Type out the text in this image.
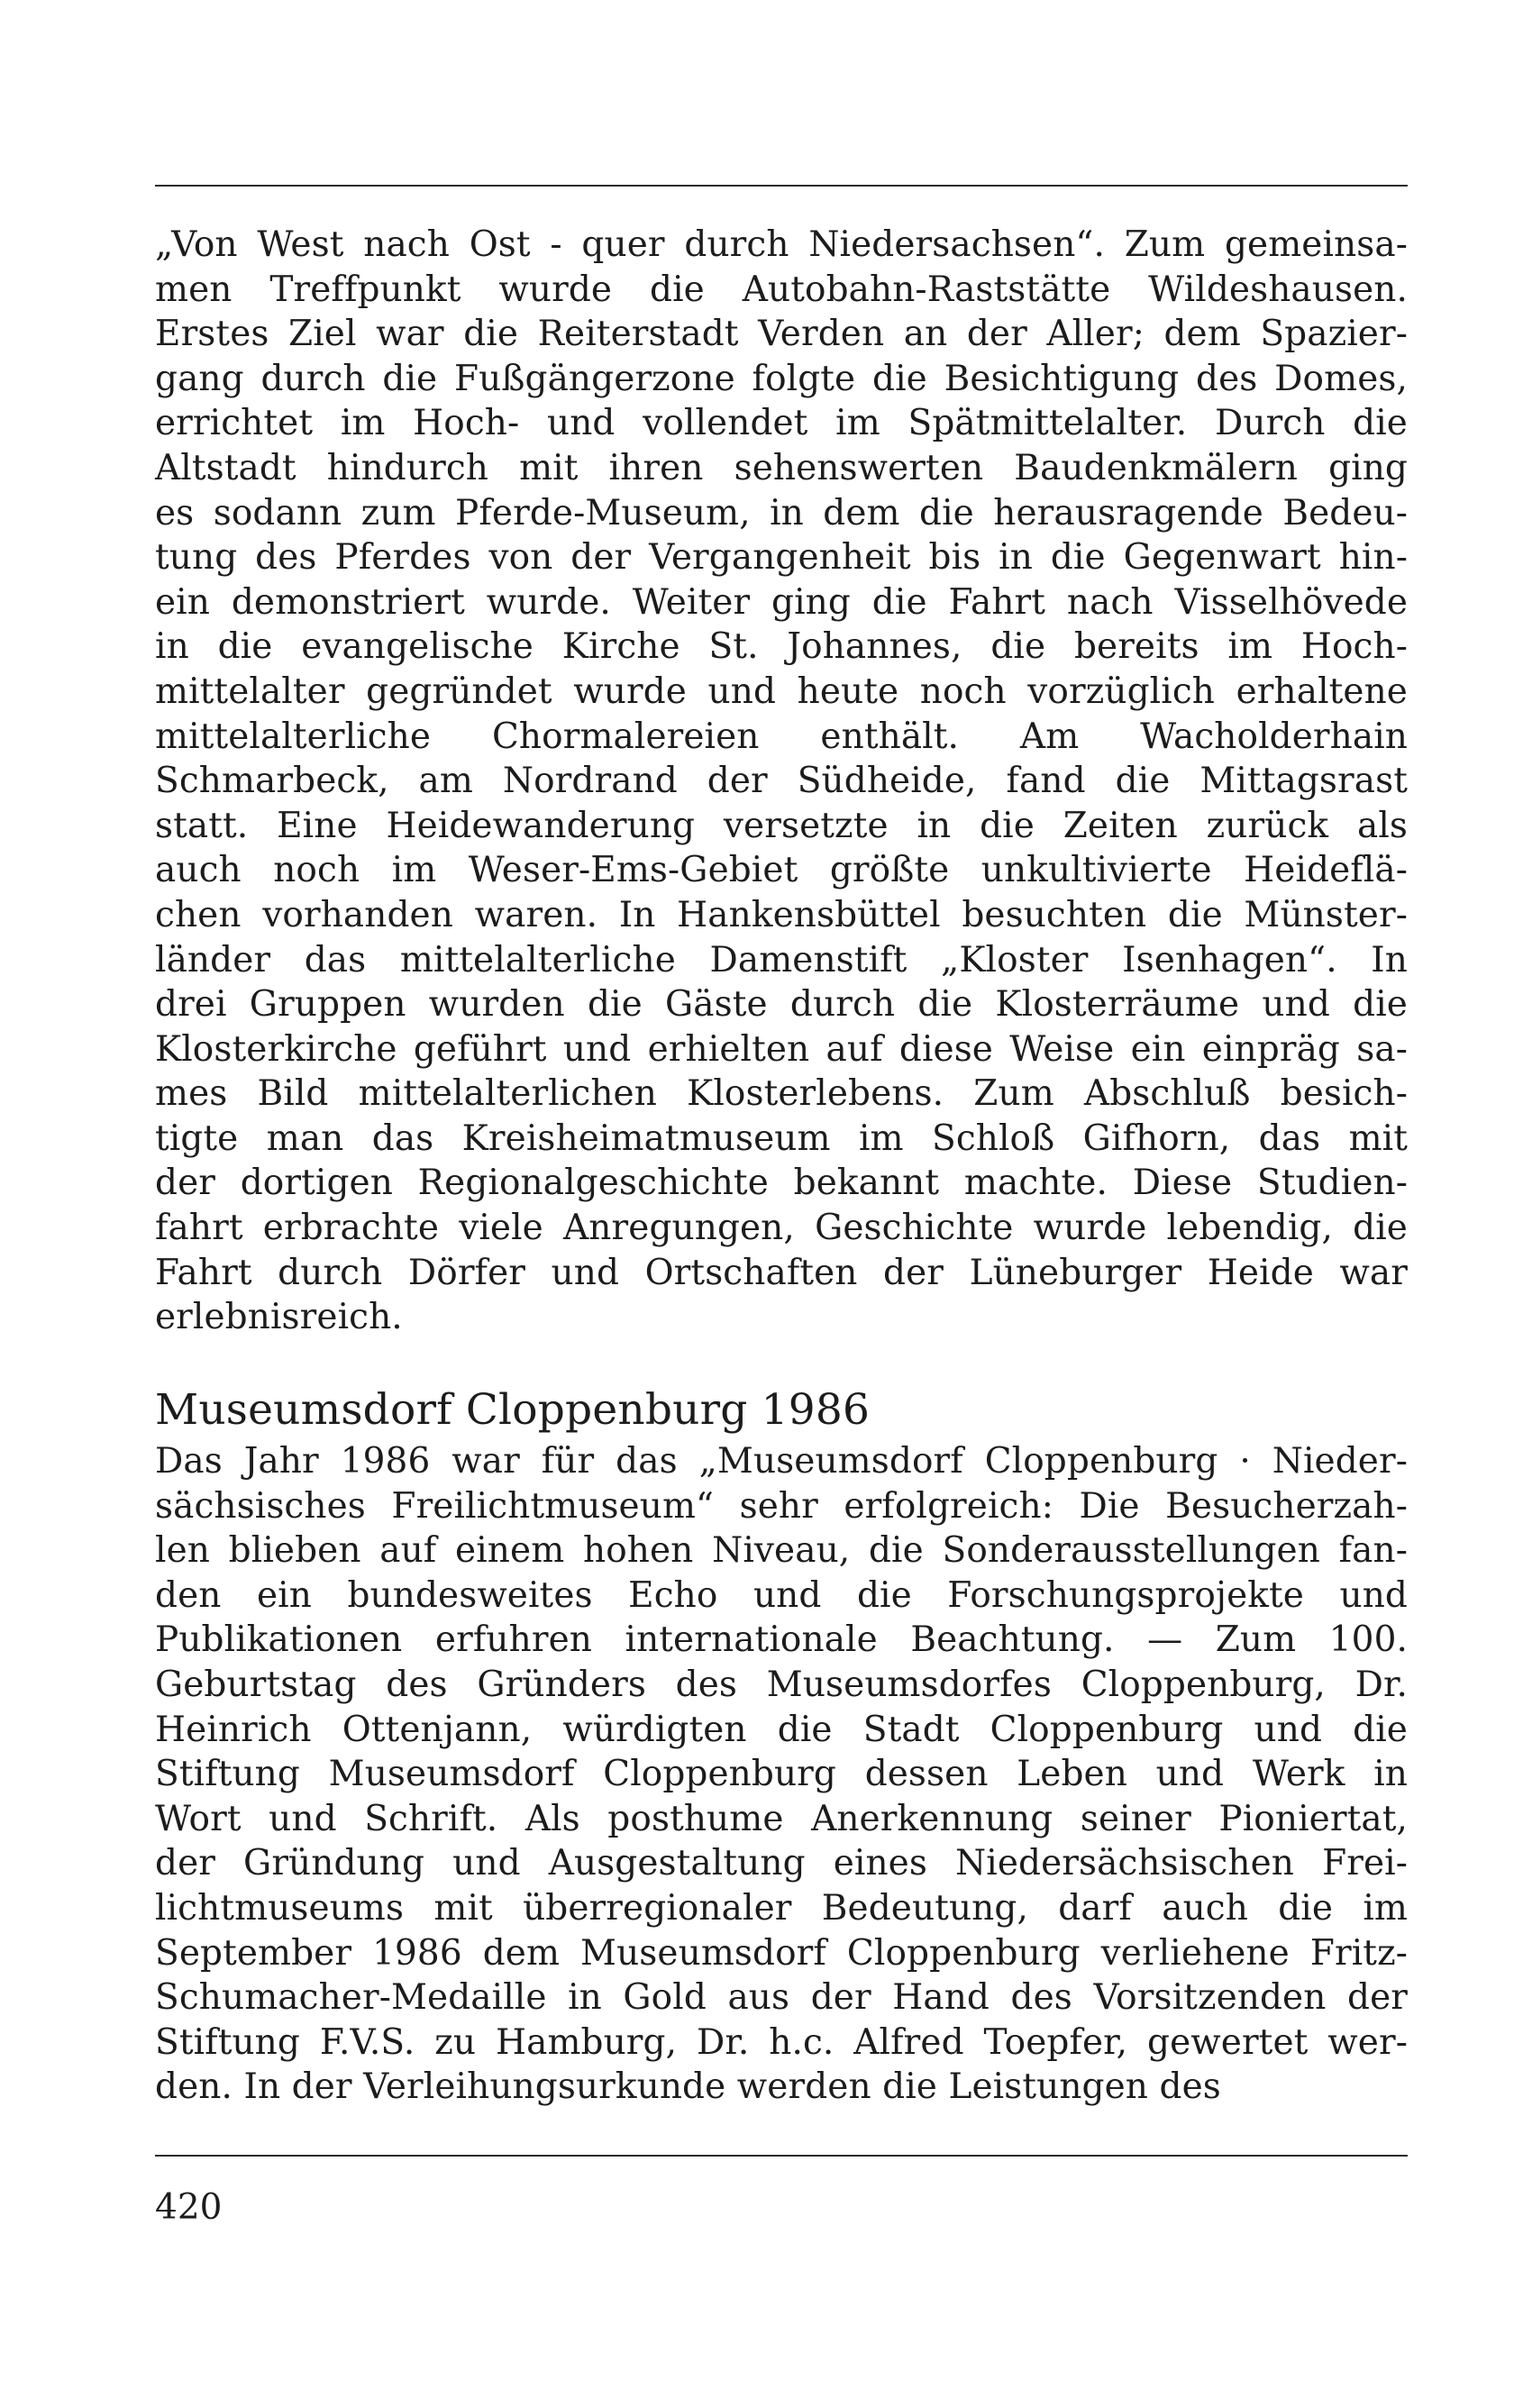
„Von West nach Ost - quer durch Niedersachsen“. Zum gemeinsa-
men Treffpunkt wurde die Autobahn-Raststätte Wildeshausen.
Erstes Ziel war die Reiterstadt Verden an der Aller; dem Spazier-
gang durch die Fußgängerzone folgte die Besichtigung des Domes,
errichtet im Hoch- und vollendet im Spätmittelalter. Durch die
Altstadt hindurch mit ihren sehenswerten Baudenkmälern ging
es sodann zum Pferde-Museum, in dem die herausragende Bedeu-
tung des Pferdes von der Vergangenheit bis in die Gegenwart hin-
ein demonstriert wurde. Weiter ging die Fahrt nach Visselhövede
in die evangelische Kirche St. Johannes, die bereits im Hoch-
mittelalter gegründet wurde und heute noch vorzüglich erhaltene
mittelalterliche Chormalereien enthält. Am Wacholderhain
Schmarbeck, am Nordrand der Südheide, fand die Mittagsrast
statt. Eine Heidewanderung versetzte in die Zeiten zurück als
auch noch im Weser-Ems-Gebiet größte unkultivierte Heideflä-
chen vorhanden waren. In Hankensbüttel besuchten die Münster-
länder das mittelalterliche Damenstift „Kloster Isenhagen“. In
drei Gruppen wurden die Gäste durch die Klosterräume und die
Klosterkirche geführt und erhielten auf diese Weise ein einpräg sa-
mes Bild mittelalterlichen Klosterlebens. Zum Abschluß besich-
tigte man das Kreisheimatmuseum im Schloß Gifhorn, das mit
der dortigen Regionalgeschichte bekannt machte. Diese Studien-
fahrt erbrachte viele Anregungen, Geschichte wurde lebendig, die
Fahrt durch Dörfer und Ortschaften der Lüneburger Heide war
erlebnisreich.
Museumsdorf Cloppenburg 1986
Das Jahr 1986 war für das „Museumsdorf Cloppenburg · Nieder-
sächsisches Freilichtmuseum“ sehr erfolgreich: Die Besucherzah-
len blieben auf einem hohen Niveau, die Sonderausstellungen fan-
den ein bundesweites Echo und die Forschungsprojekte und
Publikationen erfuhren internationale Beachtung. — Zum 100.
Geburtstag des Gründers des Museumsdorfes Cloppenburg, Dr.
Heinrich Ottenjann, würdigten die Stadt Cloppenburg und die
Stiftung Museumsdorf Cloppenburg dessen Leben und Werk in
Wort und Schrift. Als posthume Anerkennung seiner Pioniertat,
der Gründung und Ausgestaltung eines Niedersächsischen Frei-
lichtmuseums mit überregionaler Bedeutung, darf auch die im
September 1986 dem Museumsdorf Cloppenburg verliehene Fritz-
Schumacher-Medaille in Gold aus der Hand des Vorsitzenden der
Stiftung F.V.S. zu Hamburg, Dr. h.c. Alfred Toepfer, gewertet wer-
den. In der Verleihungsurkunde werden die Leistungen des
420
